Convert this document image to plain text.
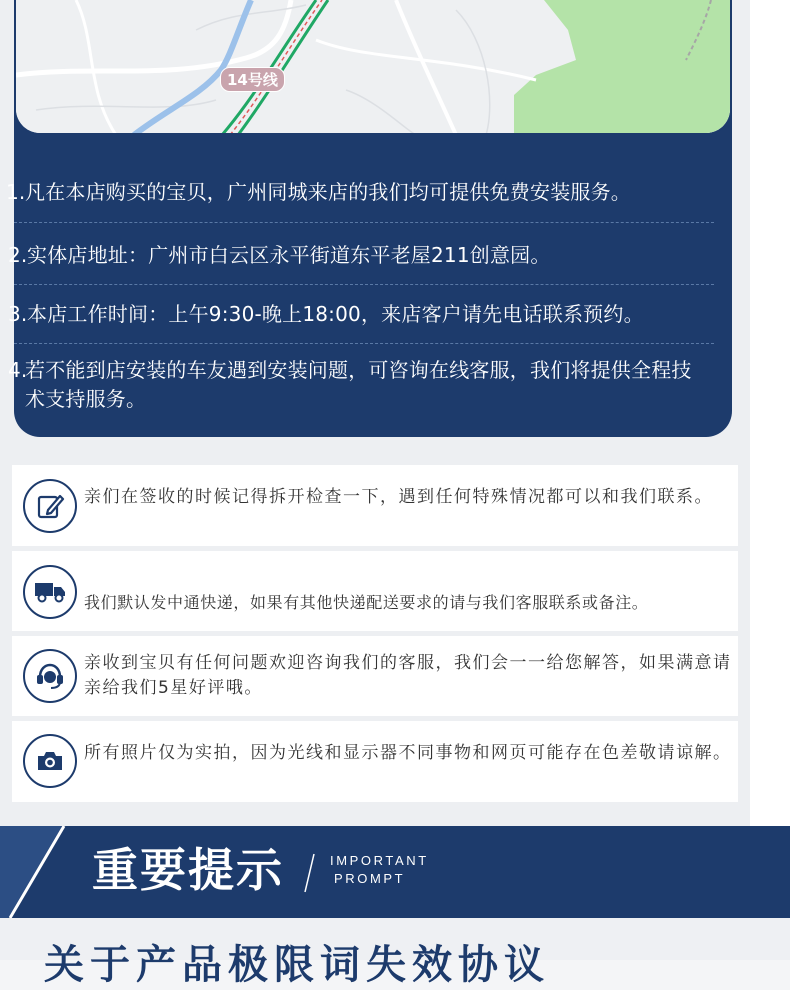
14号线
1. 凡在本店购买的宝贝，广州同城来店的我们均可提供免费安装服务。
2. 实体店地址：广州市白云区永平街道东平老屋211创意园。
3. 本店工作时间：上午9:30-晚上18:00，来店客户请先电话联系预约。
4.
若不能到店安装的车友遇到安装问题，可咨询在线客服，我们将提供全程技术支持服务。
亲们在签收的时候记得拆开检查一下，遇到任何特殊情况都可以和我们联系。
我们默认发中通快递，如果有其他快递配送要求的请与我们客服联系或备注。
亲收到宝贝有任何问题欢迎咨询我们的客服，我们会一一给您解答，如果满意请亲给我们5星好评哦。
所有照片仅为实拍，因为光线和显示器不同事物和网页可能存在色差敬请谅解。
重要提示	IMPORTANT
PROMPT
关于产品极限词失效协议
